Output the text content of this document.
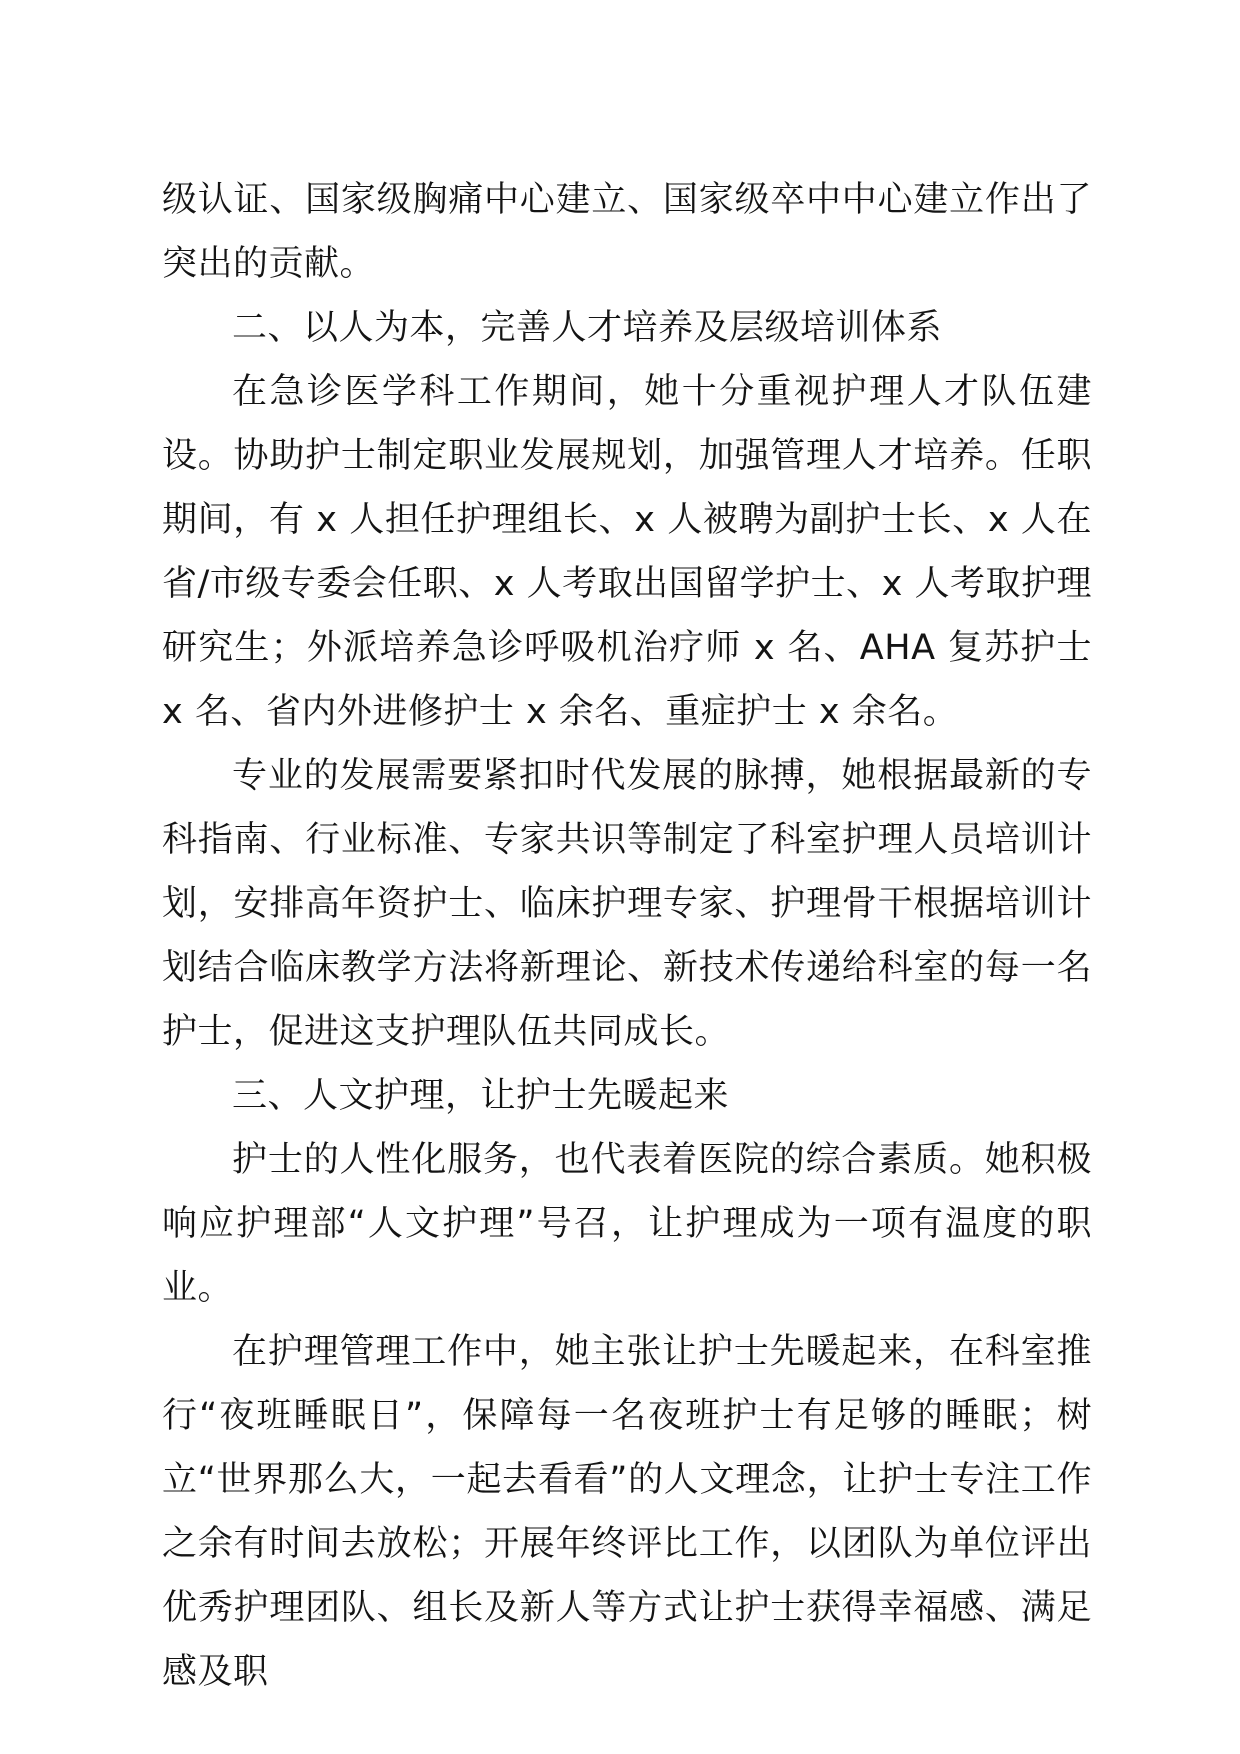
级认证、国家级胸痛中心建立、国家级卒中中心建立作出了突出的贡献。

二、以人为本，完善人才培养及层级培训体系

在急诊医学科工作期间，她十分重视护理人才队伍建设。协助护士制定职业发展规划，加强管理人才培养。任职期间，有 x 人担任护理组长、x 人被聘为副护士长、x 人在省/市级专委会任职、x 人考取出国留学护士、x 人考取护理研究生；外派培养急诊呼吸机治疗师 x 名、AHA 复苏护士 x 名、省内外进修护士 x 余名、重症护士 x 余名。

专业的发展需要紧扣时代发展的脉搏，她根据最新的专科指南、行业标准、专家共识等制定了科室护理人员培训计划，安排高年资护士、临床护理专家、护理骨干根据培训计划结合临床教学方法将新理论、新技术传递给科室的每一名护士，促进这支护理队伍共同成长。

三、人文护理，让护士先暖起来

护士的人性化服务，也代表着医院的综合素质。她积极响应护理部“人文护理”号召，让护理成为一项有温度的职业。

在护理管理工作中，她主张让护士先暖起来，在科室推行“夜班睡眠日”，保障每一名夜班护士有足够的睡眠；树立“世界那么大，一起去看看”的人文理念，让护士专注工作之余有时间去放松；开展年终评比工作，以团队为单位评出优秀护理团队、组长及新人等方式让护士获得幸福感、满足感及职
